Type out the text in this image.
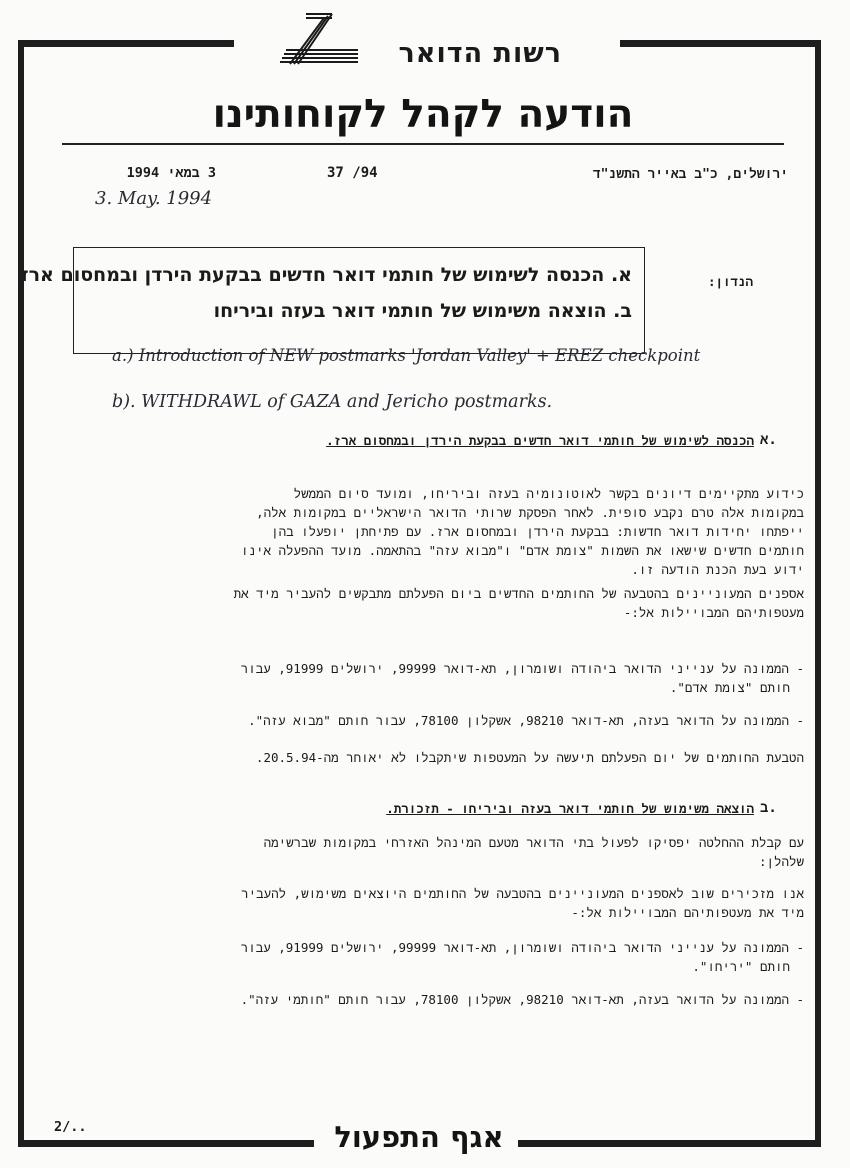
רשות הדואר
הודעה לקהל לקוחותינו
ירושלים, כ"ב באייר התשנ"ד
37 /94
3 במאי 1994
3. May. 1994
הנדון:
א. הכנסה לשימוש של חותמי דואר חדשים בבקעת הירדן ובמחסום ארז
ב. הוצאה משימוש של חותמי דואר בעזה וביריחו
a.) Introduction of NEW postmarks 'Jordan Valley' + EREZ checkpoint
b). WITHDRAWL of GAZA and Jericho postmarks.
א.
הכנסה לשימוש של חותמי דואר חדשים בבקעת הירדן ובמחסום ארז.
כידוע מתקיימים דיונים בקשר לאוטונומיה בעזה וביריחו, ומועד סיום הממשל
במקומות אלה טרם נקבע סופית. לאחר הפסקת שרותי הדואר הישראליים במקומות אלה,
ייפתחו יחידות דואר חדשות: בבקעת הירדן ובמחסום ארז. עם פתיחתן יופעלו בהן
חותמים חדשים שישאו את השמות "צומת אדם" ו"מבוא עזה" בהתאמה. מועד ההפעלה אינו
ידוע בעת הכנת הודעה זו.
אספנים המעוניינים בהטבעה של החותמים החדשים ביום הפעלתם מתבקשים להעביר מיד את
מעטפותיהם המבויילות אל:-
- הממונה על ענייני הדואר ביהודה ושומרון, תא-דואר 99999, ירושלים 91999, עבור
חותם "צומת אדם".
- הממונה על הדואר בעזה, תא-דואר 98210, אשקלון 78100, עבור חותם "מבוא עזה".
הטבעת החותמים של יום הפעלתם תיעשה על המעטפות שיתקבלו לא יאוחר מה-20.5.94.
ב.
הוצאה משימוש של חותמי דואר בעזה וביריחו - תזכורת.
עם קבלת ההחלטה יפסיקו לפעול בתי הדואר מטעם המינהל האזרחי במקומות שברשימה
שלהלן:
אנו מזכירים שוב לאספנים המעוניינים בהטבעה של החותמים היוצאים משימוש, להעביר
מיד את מעטפותיהם המבויילות אל:-
- הממונה על ענייני הדואר ביהודה ושומרון, תא-דואר 99999, ירושלים 91999, עבור
חותם "יריחו".
- הממונה על הדואר בעזה, תא-דואר 98210, אשקלון 78100, עבור חותם "חותמי עזה".
2/..	אגף התפעול
